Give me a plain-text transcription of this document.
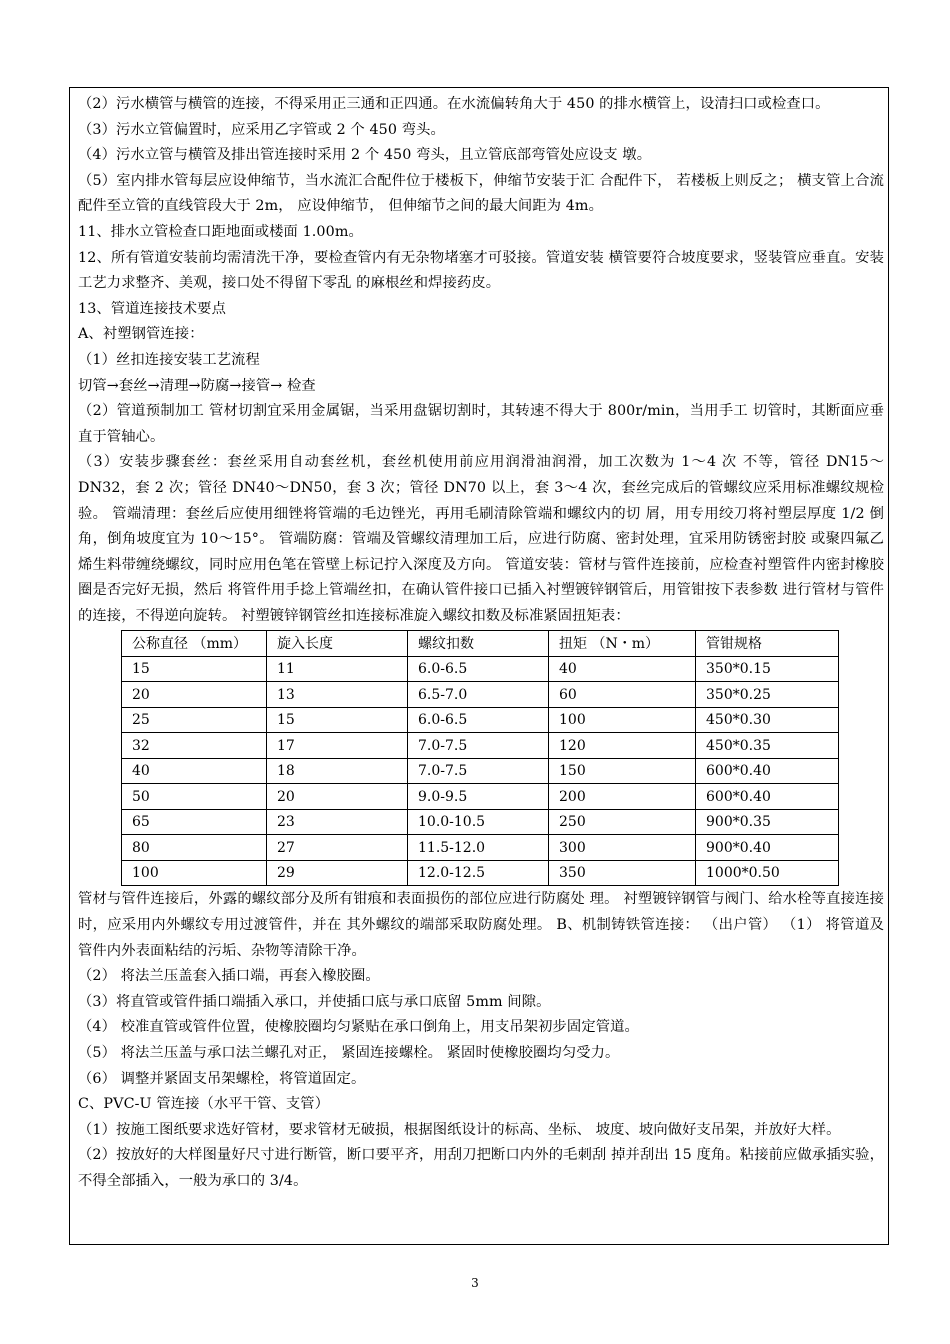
（2）污水横管与横管的连接，不得采用正三通和正四通。在水流偏转角大于 450 的排水横管上，设清扫口或检查口。

（3）污水立管偏置时，应采用乙字管或 2 个 450 弯头。

（4）污水立管与横管及排出管连接时采用 2 个 450 弯头，且立管底部弯管处应设支 墩。

（5）室内排水管每层应设伸缩节，当水流汇合配件位于楼板下，伸缩节安装于汇 合配件下， 若楼板上则反之； 横支管上合流配件至立管的直线管段大于 2m， 应设伸缩节， 但伸缩节之间的最大间距为 4m。

11、排水立管检查口距地面或楼面 1.00m。

12、所有管道安装前均需清洗干净，要检查管内有无杂物堵塞才可驳接。管道安装 横管要符合坡度要求，竖装管应垂直。安装工艺力求整齐、美观，接口处不得留下零乱 的麻根丝和焊接药皮。

13、管道连接技术要点

A、衬塑钢管连接：

（1）丝扣连接安装工艺流程

切管→套丝→清理→防腐→接管→ 检查

（2）管道预制加工 管材切割宜采用金属锯，当采用盘锯切割时，其转速不得大于 800r/min，当用手工 切管时，其断面应垂直于管轴心。

（3）安装步骤套丝：套丝采用自动套丝机，套丝机使用前应用润滑油润滑，加工次数为 1～4 次 不等，管径 DN15～DN32，套 2 次；管径 DN40～DN50，套 3 次；管径 DN70 以上，套 3～4 次，套丝完成后的管螺纹应采用标准螺纹规检验。 管端清理：套丝后应使用细锉将管端的毛边锉光，再用毛刷清除管端和螺纹内的切 屑，用专用绞刀将衬塑层厚度 1/2 倒角，倒角坡度宜为 10～15°。 管端防腐：管端及管螺纹清理加工后，应进行防腐、密封处理，宜采用防锈密封胶 或聚四氟乙烯生料带缠绕螺纹，同时应用色笔在管壁上标记拧入深度及方向。 管道安装：管材与管件连接前，应检查衬塑管件内密封橡胶圈是否完好无损，然后 将管件用手捻上管端丝扣，在确认管件接口已插入衬塑镀锌钢管后，用管钳按下表参数 进行管材与管件的连接，不得逆向旋转。 衬塑镀锌钢管丝扣连接标准旋入螺纹扣数及标准紧固扭矩表：

公称直径 （mm）	旋入长度	螺纹扣数	扭矩 （N・m）	管钳规格
15	11	6.0-6.5	40	350*0.15
20	13	6.5-7.0	60	350*0.25
25	15	6.0-6.5	100	450*0.30
32	17	7.0-7.5	120	450*0.35
40	18	7.0-7.5	150	600*0.40
50	20	9.0-9.5	200	600*0.40
65	23	10.0-10.5	250	900*0.35
80	27	11.5-12.0	300	900*0.40
100	29	12.0-12.5	350	1000*0.50

管材与管件连接后，外露的螺纹部分及所有钳痕和表面损伤的部位应进行防腐处 理。 衬塑镀锌钢管与阀门、给水栓等直接连接时，应采用内外螺纹专用过渡管件，并在 其外螺纹的端部采取防腐处理。 B、机制铸铁管连接： （出户管） （1） 将管道及管件内外表面粘结的污垢、杂物等清除干净。

（2） 将法兰压盖套入插口端，再套入橡胶圈。

（3）将直管或管件插口端插入承口，并使插口底与承口底留 5mm 间隙。

（4） 校准直管或管件位置，使橡胶圈均匀紧贴在承口倒角上，用支吊架初步固定管道。

（5） 将法兰压盖与承口法兰螺孔对正， 紧固连接螺栓。 紧固时使橡胶圈均匀受力。

（6） 调整并紧固支吊架螺栓，将管道固定。

C、PVC-U 管连接（水平干管、支管）

（1）按施工图纸要求选好管材，要求管材无破损，根据图纸设计的标高、坐标、 坡度、坡向做好支吊架，并放好大样。

（2）按放好的大样图量好尺寸进行断管，断口要平齐，用刮刀把断口内外的毛刺刮 掉并刮出 15 度角。粘接前应做承插实验，不得全部插入，一般为承口的 3/4。

3
